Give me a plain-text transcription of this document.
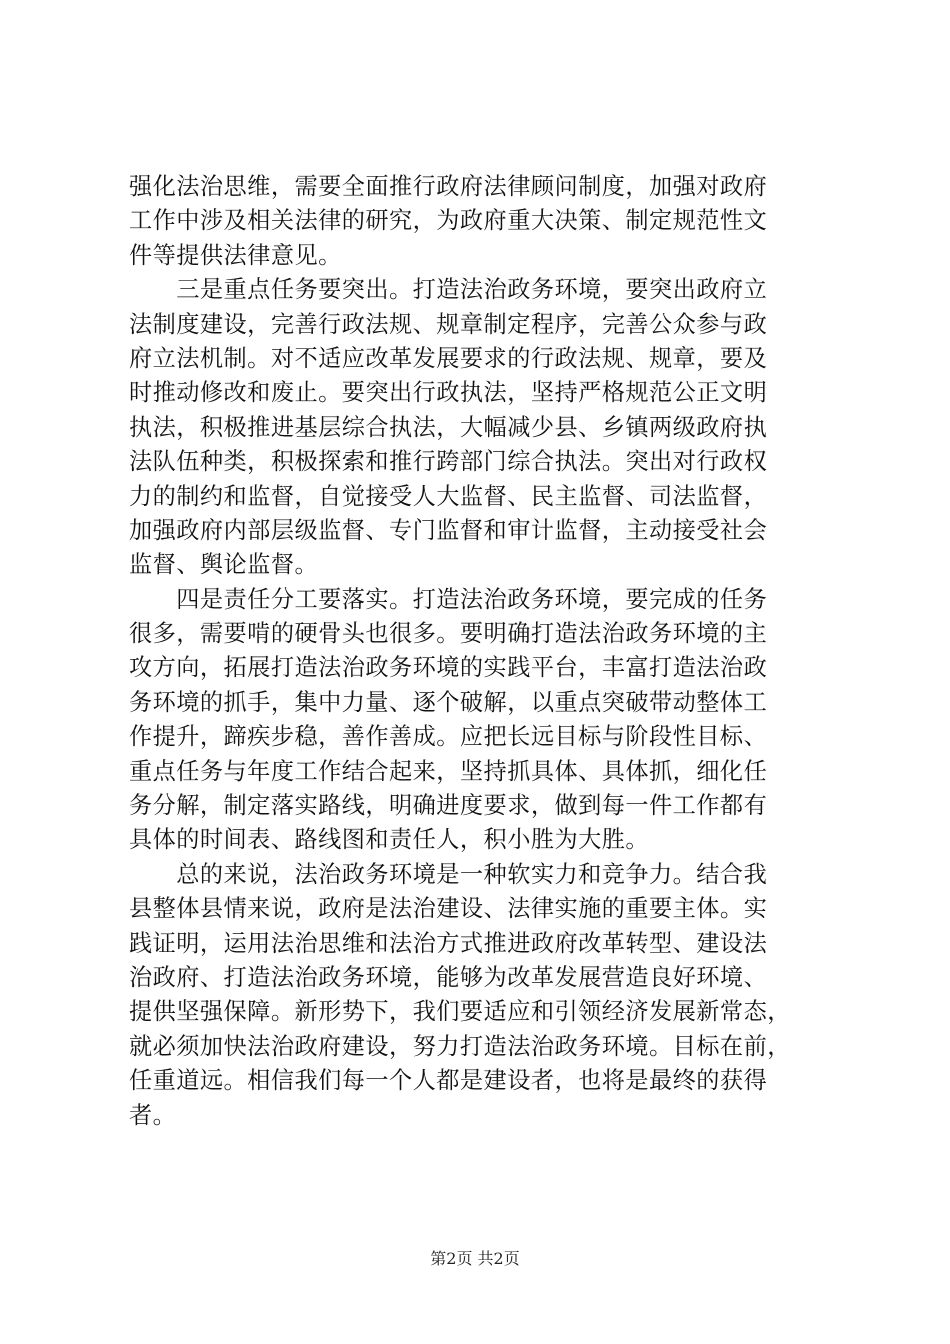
强化法治思维，需要全面推行政府法律顾问制度，加强对政府
工作中涉及相关法律的研究，为政府重大决策、制定规范性文
件等提供法律意见。
　　三是重点任务要突出。打造法治政务环境，要突出政府立
法制度建设，完善行政法规、规章制定程序，完善公众参与政
府立法机制。对不适应改革发展要求的行政法规、规章，要及
时推动修改和废止。要突出行政执法，坚持严格规范公正文明
执法，积极推进基层综合执法，大幅减少县、乡镇两级政府执
法队伍种类，积极探索和推行跨部门综合执法。突出对行政权
力的制约和监督，自觉接受人大监督、民主监督、司法监督，
加强政府内部层级监督、专门监督和审计监督，主动接受社会
监督、舆论监督。
　　四是责任分工要落实。打造法治政务环境，要完成的任务
很多，需要啃的硬骨头也很多。要明确打造法治政务环境的主
攻方向，拓展打造法治政务环境的实践平台，丰富打造法治政
务环境的抓手，集中力量、逐个破解，以重点突破带动整体工
作提升，蹄疾步稳，善作善成。应把长远目标与阶段性目标、
重点任务与年度工作结合起来，坚持抓具体、具体抓，细化任
务分解，制定落实路线，明确进度要求，做到每一件工作都有
具体的时间表、路线图和责任人，积小胜为大胜。
　　总的来说，法治政务环境是一种软实力和竞争力。结合我
县整体县情来说，政府是法治建设、法律实施的重要主体。实
践证明，运用法治思维和法治方式推进政府改革转型、建设法
治政府、打造法治政务环境，能够为改革发展营造良好环境、
提供坚强保障。新形势下，我们要适应和引领经济发展新常态，
就必须加快法治政府建设，努力打造法治政务环境。目标在前，
任重道远。相信我们每一个人都是建设者，也将是最终的获得
者。
第2页 共2页
